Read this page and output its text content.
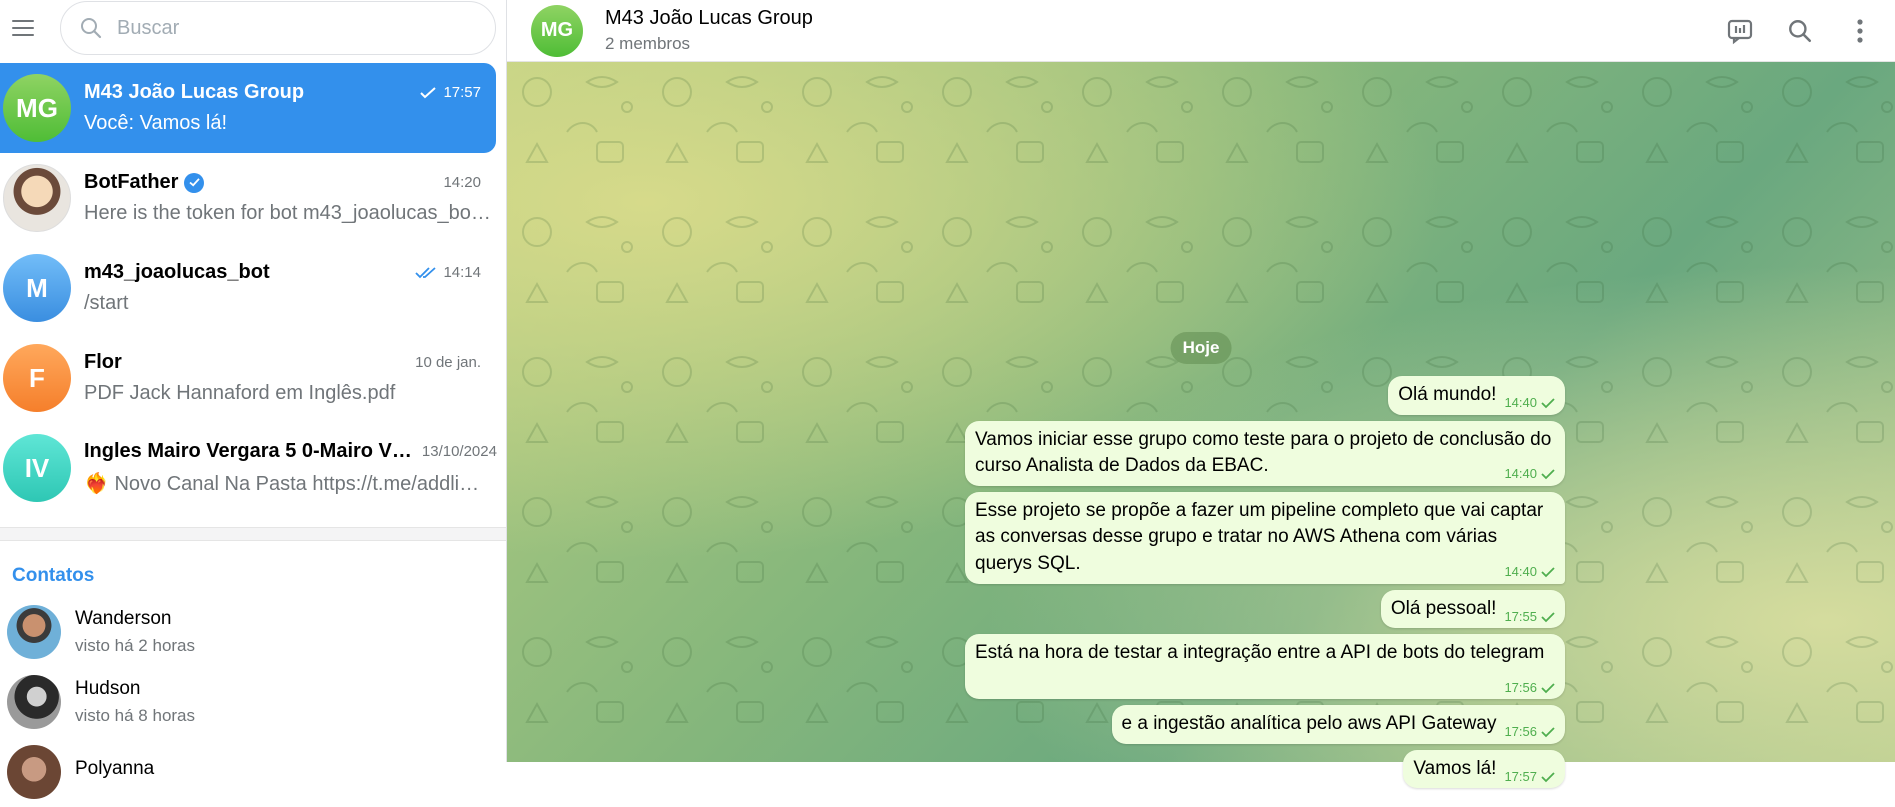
Buscar
MG
M43 João Lucas Group	17:57
Você: Vamos lá!
BotFather	14:20
Here is the token for bot m43_joaolucas_bo…
M
m43_joaolucas_bot	14:14
/start
F
Flor	10 de jan.
PDF Jack Hannaford em Inglês.pdf
IV
Ingles Mairo Vergara 5 0-Mairo V… 13/10/2024
❤️‍🔥 Novo Canal Na Pasta https://t.me/addli…
Contatos
Wanderson
visto há 2 horas
Hudson
visto há 8 horas
Polyanna
MG
M43 João Lucas Group
2 membros
Hoje
Olá mundo! 14:40
Vamos iniciar esse grupo como teste para o projeto de conclusão do curso Analista de Dados da EBAC.	14:40
Esse projeto se propõe a fazer um pipeline completo que vai captar as conversas desse grupo e tratar no AWS Athena com várias querys SQL.	14:40
Olá pessoal! 17:55
Está na hora de testar a integração entre a API de bots do telegram
17:56
e a ingestão analítica pelo aws API Gateway 17:56
Vamos lá! 17:57
